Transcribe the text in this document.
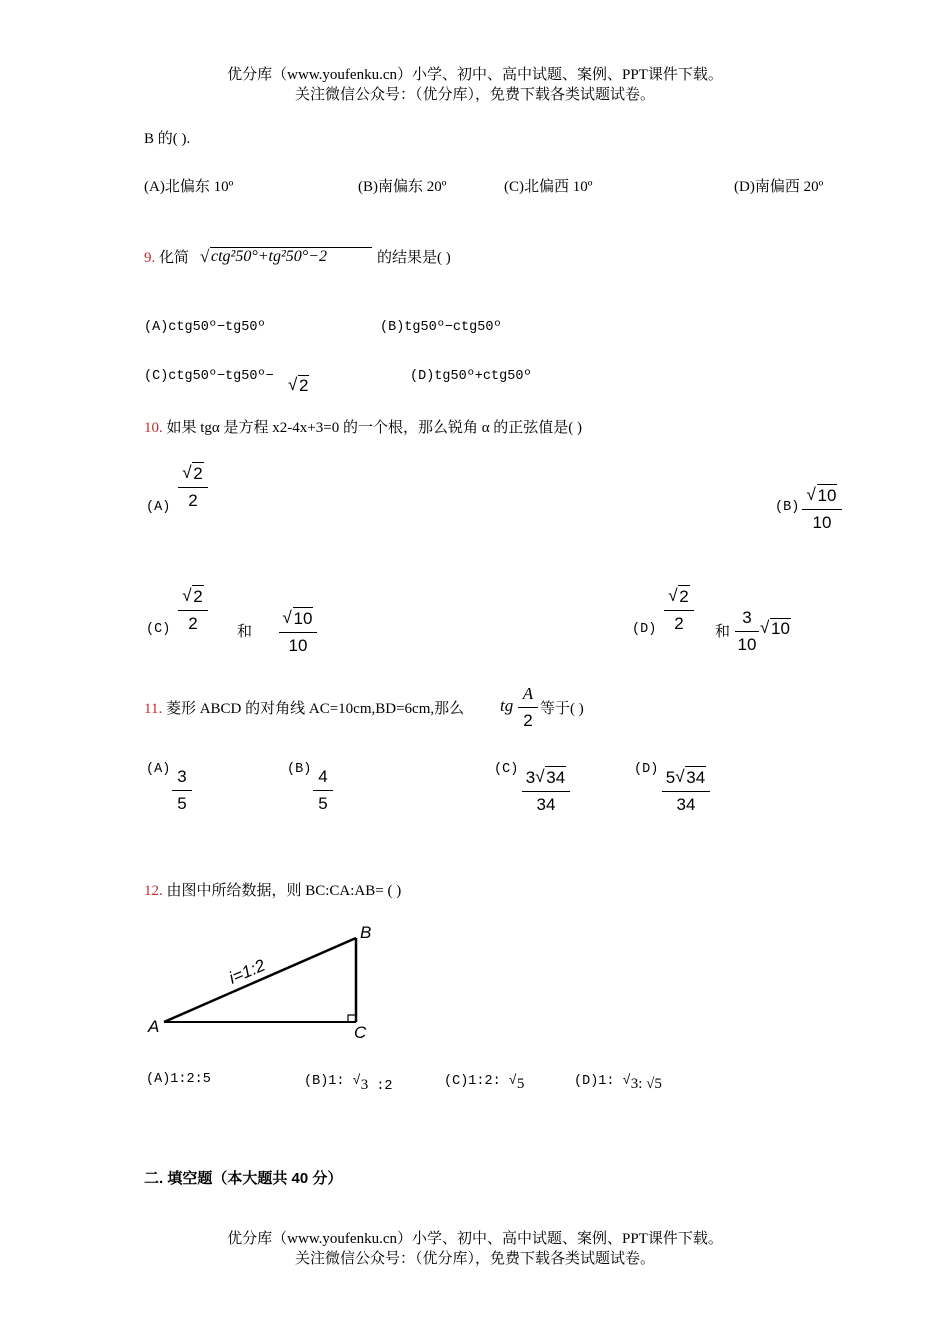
优分库（www.youfenku.cn）小学、初中、高中试题、案例、PPT课件下载。
关注微信公众号：（优分库），免费下载各类试题试卷。
B 的( ).
(A)北偏东 10º	(B)南偏东 20º	(C)北偏西 10º	(D)南偏西 20º
9. 化简 √ ctg²50°+tg²50°−2	的结果是( )
(A)ctg50º−tg50º	(B)tg50º−ctg50º
(C)ctg50º−tg50º− √ 2	(D)tg50º+ctg50º
10. 如果 tgα 是方程 x2-4x+3=0 的一个根，那么锐角 α 的正弦值是( )
(A)
√ 2
2	(B)
√ 10
10
(C)
√ 2
2	和
√ 10
10
(D)
√ 2
2	和
3
10
√ 10
11. 菱形 ABCD 的对角线 AC=10cm,BD=6cm,那么 tg
A
2
等于( )
(A) 3
5
(B) 4
5
(C) 3 √ 34
34
(D) 5 √ 34
34
12. 由图中所给数据，则 BC:CA:AB= ( )
A
B
C
i=1:2
(A)1:2:5	(B)1: √3 :2	(C)1:2: √5	(D)1: √3: √5
二. 填空题（本大题共 40 分）
优分库（www.youfenku.cn）小学、初中、高中试题、案例、PPT课件下载。
关注微信公众号：（优分库），免费下载各类试题试卷。
